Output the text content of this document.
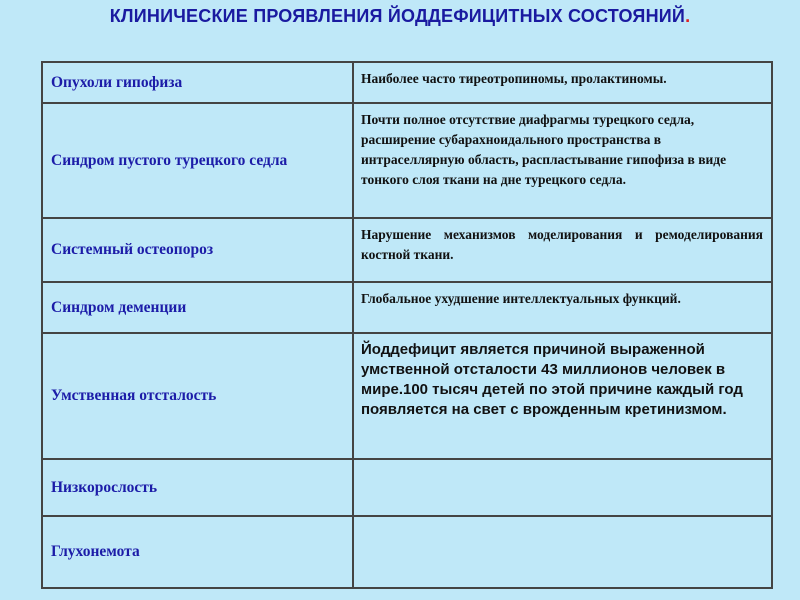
КЛИНИЧЕСКИЕ ПРОЯВЛЕНИЯ ЙОДДЕФИЦИТНЫХ СОСТОЯНИЙ.
Опухоли гипофиза	Наиболее часто тиреотропиномы, пролактиномы.
Синдром пустого турецкого седла	Почти полное отсутствие диафрагмы турецкого седла, расширение субарахноидального пространства в интраселлярную область, распластывание гипофиза в виде тонкого слоя ткани на дне турецкого седла.
Системный остеопороз	Нарушение механизмов моделирования и ремоделирования костной ткани.
Синдром деменции	Глобальное ухудшение интеллектуальных функций.
Умственная отсталость	Йоддефицит является причиной выраженной умственной отсталости 43 миллионов человек в мире.100 тысяч детей по этой причине каждый год появляется на свет с врожденным кретинизмом.
Низкорослость	
Глухонемота	
